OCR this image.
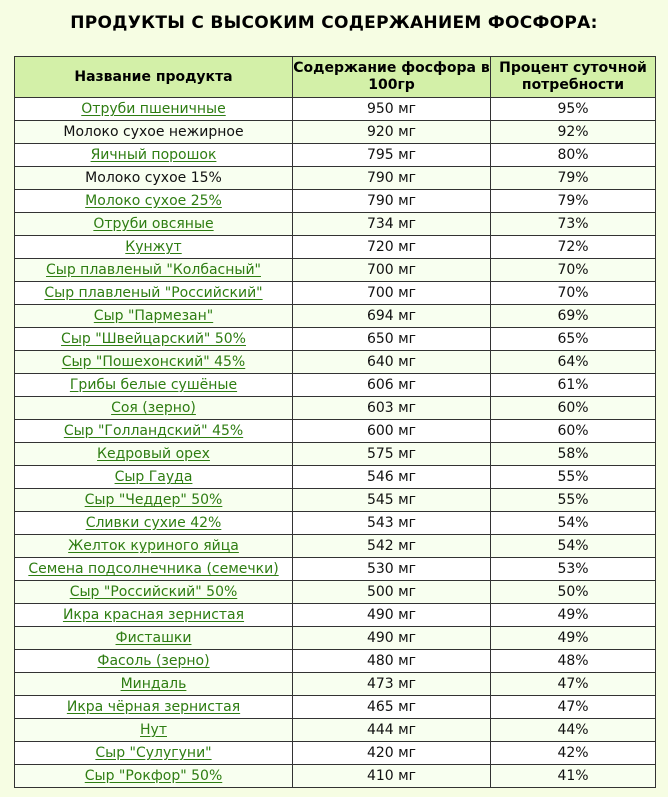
ПРОДУКТЫ С ВЫСОКИМ СОДЕРЖАНИЕМ ФОСФОРА:
Название продукта	Содержание фосфора в 100гр	Процент суточной потребности
Отруби пшеничные	950 мг	95%
Молоко сухое нежирное	920 мг	92%
Яичный порошок	795 мг	80%
Молоко сухое 15%	790 мг	79%
Молоко сухое 25%	790 мг	79%
Отруби овсяные	734 мг	73%
Кунжут	720 мг	72%
Сыр плавленый "Колбасный"	700 мг	70%
Сыр плавленый "Российский"	700 мг	70%
Сыр "Пармезан"	694 мг	69%
Сыр "Швейцарский" 50%	650 мг	65%
Сыр "Пошехонский" 45%	640 мг	64%
Грибы белые сушёные	606 мг	61%
Соя (зерно)	603 мг	60%
Сыр "Голландский" 45%	600 мг	60%
Кедровый орех	575 мг	58%
Сыр Гауда	546 мг	55%
Сыр "Чеддер" 50%	545 мг	55%
Сливки сухие 42%	543 мг	54%
Желток куриного яйца	542 мг	54%
Семена подсолнечника (семечки)	530 мг	53%
Сыр "Российский" 50%	500 мг	50%
Икра красная зернистая	490 мг	49%
Фисташки	490 мг	49%
Фасоль (зерно)	480 мг	48%
Миндаль	473 мг	47%
Икра чёрная зернистая	465 мг	47%
Нут	444 мг	44%
Сыр "Сулугуни"	420 мг	42%
Сыр "Рокфор" 50%	410 мг	41%
